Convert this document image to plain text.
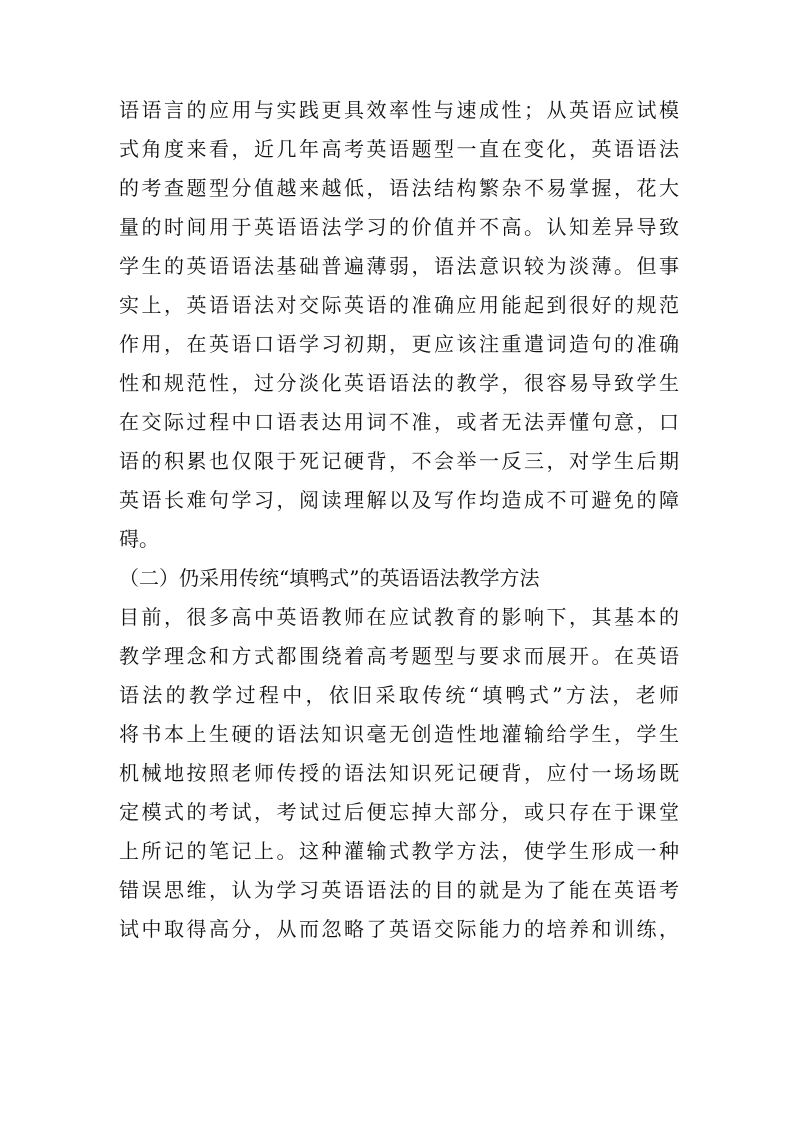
语语言的应用与实践更具效率性与速成性；从英语应试模

式角度来看，近几年高考英语题型一直在变化，英语语法

的考查题型分值越来越低，语法结构繁杂不易掌握，花大

量的时间用于英语语法学习的价值并不高。认知差异导致

学生的英语语法基础普遍薄弱，语法意识较为淡薄。但事

实上，英语语法对交际英语的准确应用能起到很好的规范

作用，在英语口语学习初期，更应该注重遣词造句的准确

性和规范性，过分淡化英语语法的教学，很容易导致学生

在交际过程中口语表达用词不准，或者无法弄懂句意，口

语的积累也仅限于死记硬背，不会举一反三，对学生后期

英语长难句学习，阅读理解以及写作均造成不可避免的障

碍。

（二）仍采用传统“填鸭式”的英语语法教学方法

目前，很多高中英语教师在应试教育的影响下，其基本的

教学理念和方式都围绕着高考题型与要求而展开。在英语

语法的教学过程中，依旧采取传统“填鸭式”方法，老师

将书本上生硬的语法知识毫无创造性地灌输给学生，学生

机械地按照老师传授的语法知识死记硬背，应付一场场既

定模式的考试，考试过后便忘掉大部分，或只存在于课堂

上所记的笔记上。这种灌输式教学方法，使学生形成一种

错误思维，认为学习英语语法的目的就是为了能在英语考

试中取得高分，从而忽略了英语交际能力的培养和训练，
